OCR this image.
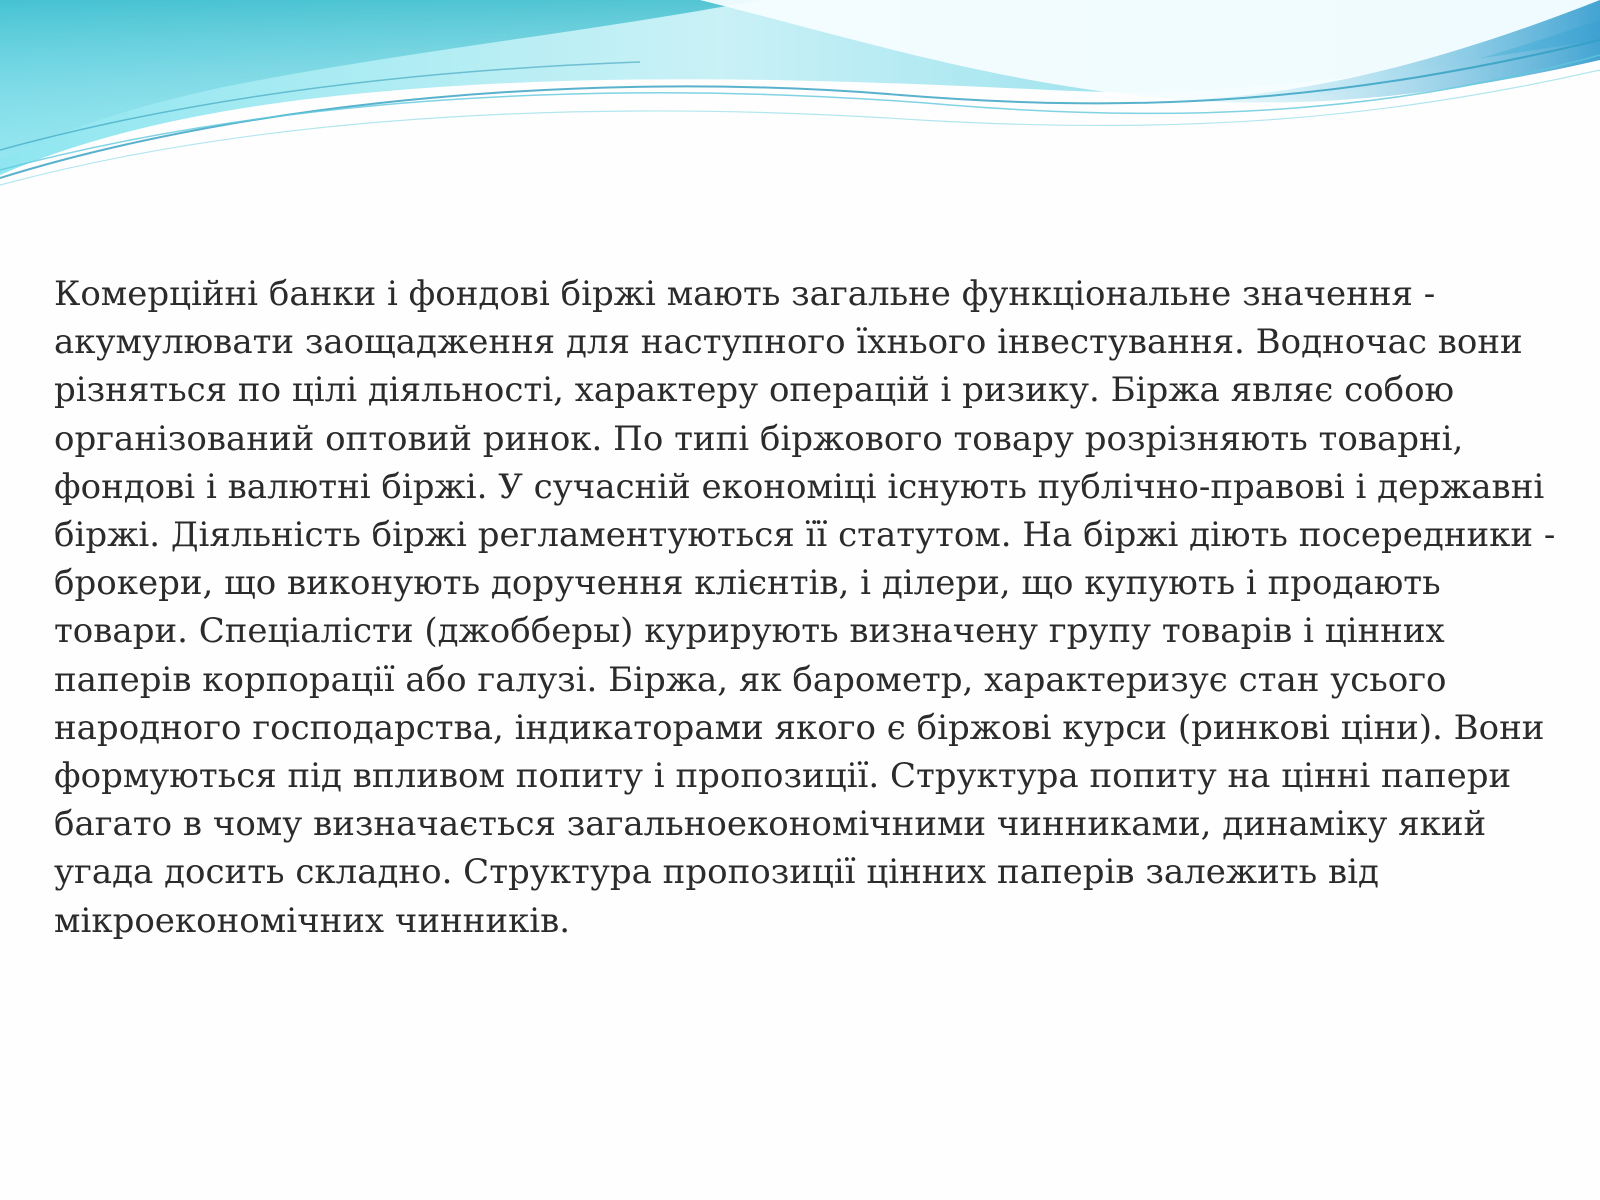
Комерційні банки і фондові біржі мають загальне функціональне значення -
акумулювати заощадження для наступного їхнього інвестування. Водночас вони
різняться по цілі діяльності, характеру операцій і ризику. Біржа являє собою
організований оптовий ринок. По типі біржового товару розрізняють товарні,
фондові і валютні біржі. У сучасній економіці існують публічно-правові і державні
біржі. Діяльність біржі регламентуються її статутом. На біржі діють посередники -
брокери, що виконують доручення клієнтів, і ділери, що купують і продають
товари. Спеціалісти (джобберы) курирують визначену групу товарів і цінних
паперів корпорації або галузі. Біржа, як барометр, характеризує стан усього
народного господарства, індикаторами якого є біржові курси (ринкові ціни). Вони
формуються під впливом попиту і пропозиції. Структура попиту на цінні папери
багато в чому визначається загальноекономічними чинниками, динаміку який
угада досить складно. Структура пропозиції цінних паперів залежить від
мікроекономічних чинників.
